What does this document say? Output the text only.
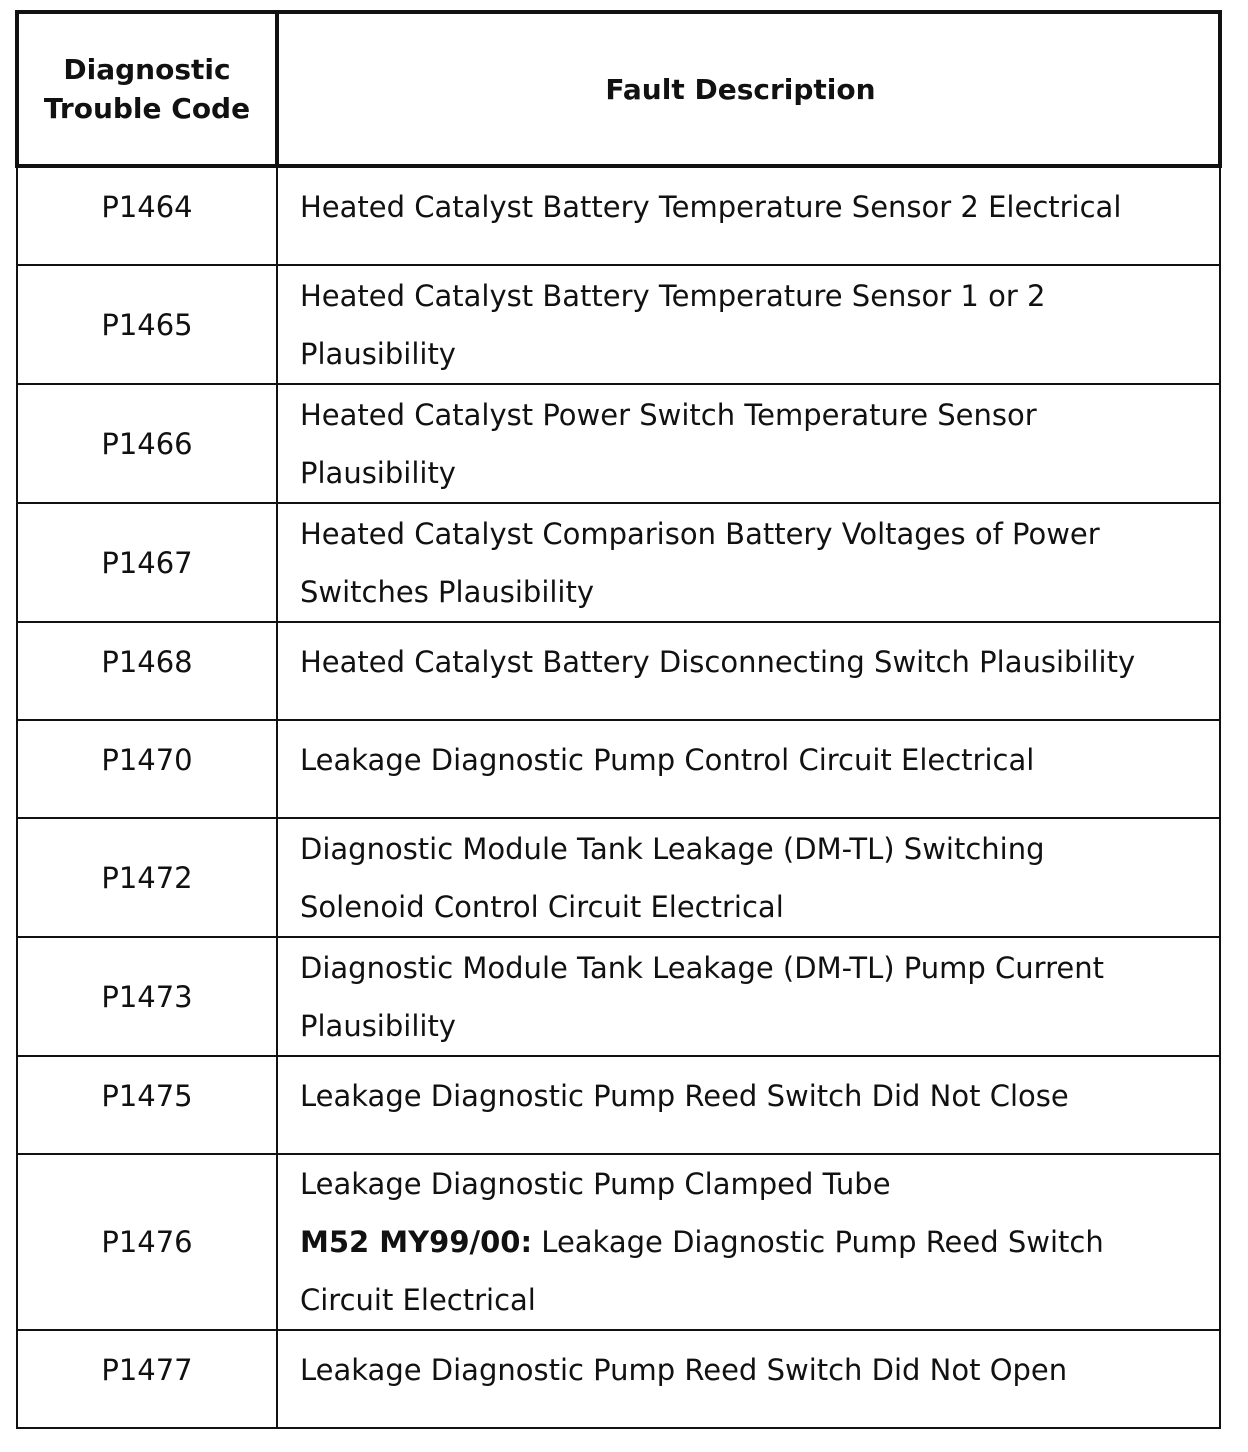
Diagnostic Trouble Code	Fault Description
P1464	Heated Catalyst Battery Temperature Sensor 2 Electrical

P1465	Heated Catalyst Battery Temperature Sensor 1 or 2
Plausibility

P1466	Heated Catalyst Power Switch Temperature Sensor
Plausibility

P1467	Heated Catalyst Comparison Battery Voltages of Power
Switches Plausibility

P1468	Heated Catalyst Battery Disconnecting Switch Plausibility

P1470	Leakage Diagnostic Pump Control Circuit Electrical

P1472	Diagnostic Module Tank Leakage (DM-TL) Switching
Solenoid Control Circuit Electrical

P1473	Diagnostic Module Tank Leakage (DM-TL) Pump Current
Plausibility

P1475	Leakage Diagnostic Pump Reed Switch Did Not Close

P1476	Leakage Diagnostic Pump Clamped Tube
M52 MY99/00: Leakage Diagnostic Pump Reed Switch
Circuit Electrical

P1477	Leakage Diagnostic Pump Reed Switch Did Not Open
